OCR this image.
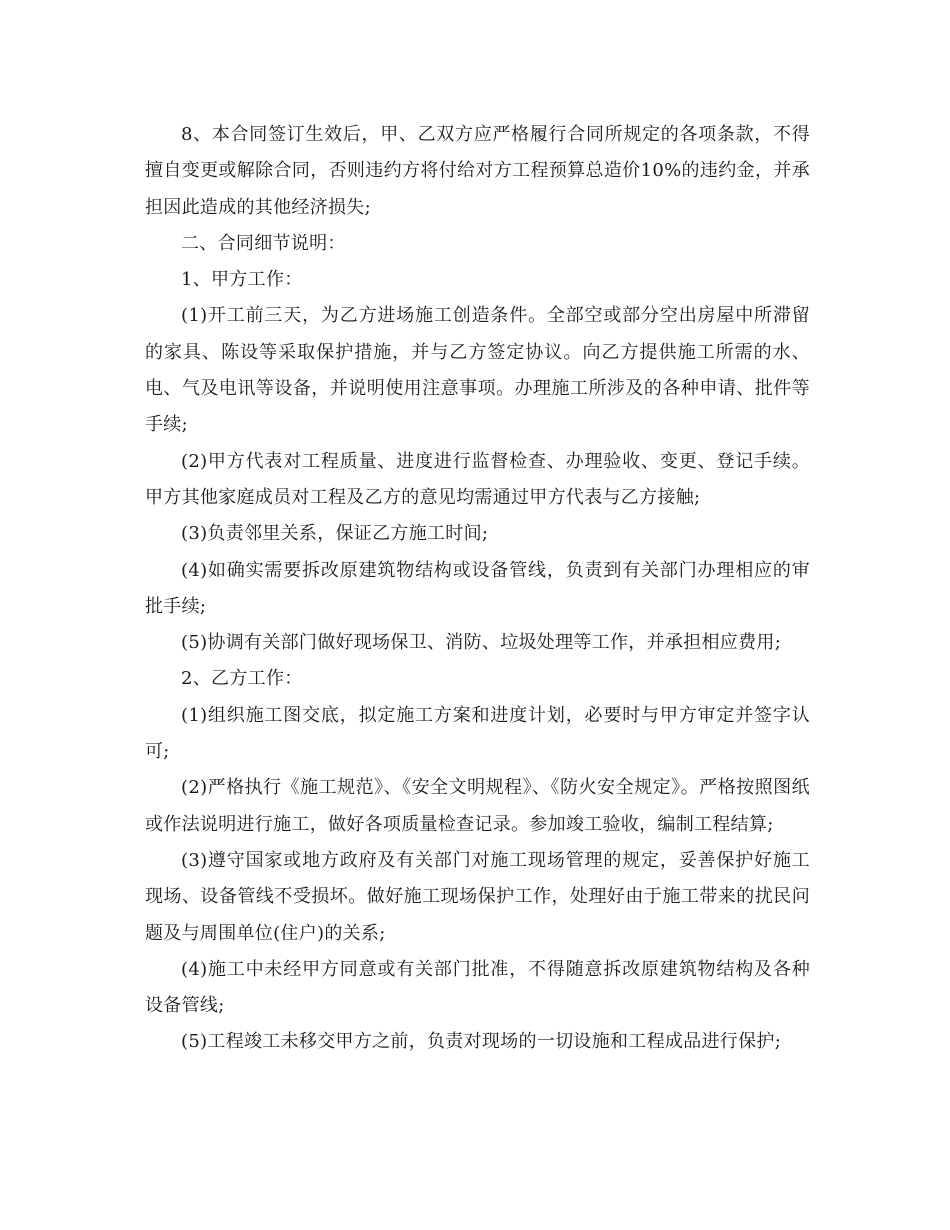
8、本合同签订生效后，甲、乙双方应严格履行合同所规定的各项条款，不得擅自变更或解除合同，否则违约方将付给对方工程预算总造价10%的违约金，并承担因此造成的其他经济损失;

二、合同细节说明：

1、甲方工作：

(1)开工前三天，为乙方进场施工创造条件。全部空或部分空出房屋中所滞留的家具、陈设等采取保护措施，并与乙方签定协议。向乙方提供施工所需的水、电、气及电讯等设备，并说明使用注意事项。办理施工所涉及的各种申请、批件等手续;

(2)甲方代表对工程质量、进度进行监督检查、办理验收、变更、登记手续。甲方其他家庭成员对工程及乙方的意见均需通过甲方代表与乙方接触;

(3)负责邻里关系，保证乙方施工时间;

(4)如确实需要拆改原建筑物结构或设备管线，负责到有关部门办理相应的审批手续;

(5)协调有关部门做好现场保卫、消防、垃圾处理等工作，并承担相应费用;

2、乙方工作：

(1)组织施工图交底，拟定施工方案和进度计划，必要时与甲方审定并签字认可;

(2)严格执行《施工规范》、《安全文明规程》、《防火安全规定》。严格按照图纸或作法说明进行施工，做好各项质量检查记录。参加竣工验收，编制工程结算;

(3)遵守国家或地方政府及有关部门对施工现场管理的规定，妥善保护好施工现场、设备管线不受损坏。做好施工现场保护工作，处理好由于施工带来的扰民问题及与周围单位(住户)的关系;

(4)施工中未经甲方同意或有关部门批准，不得随意拆改原建筑物结构及各种设备管线;

(5)工程竣工未移交甲方之前，负责对现场的一切设施和工程成品进行保护;
